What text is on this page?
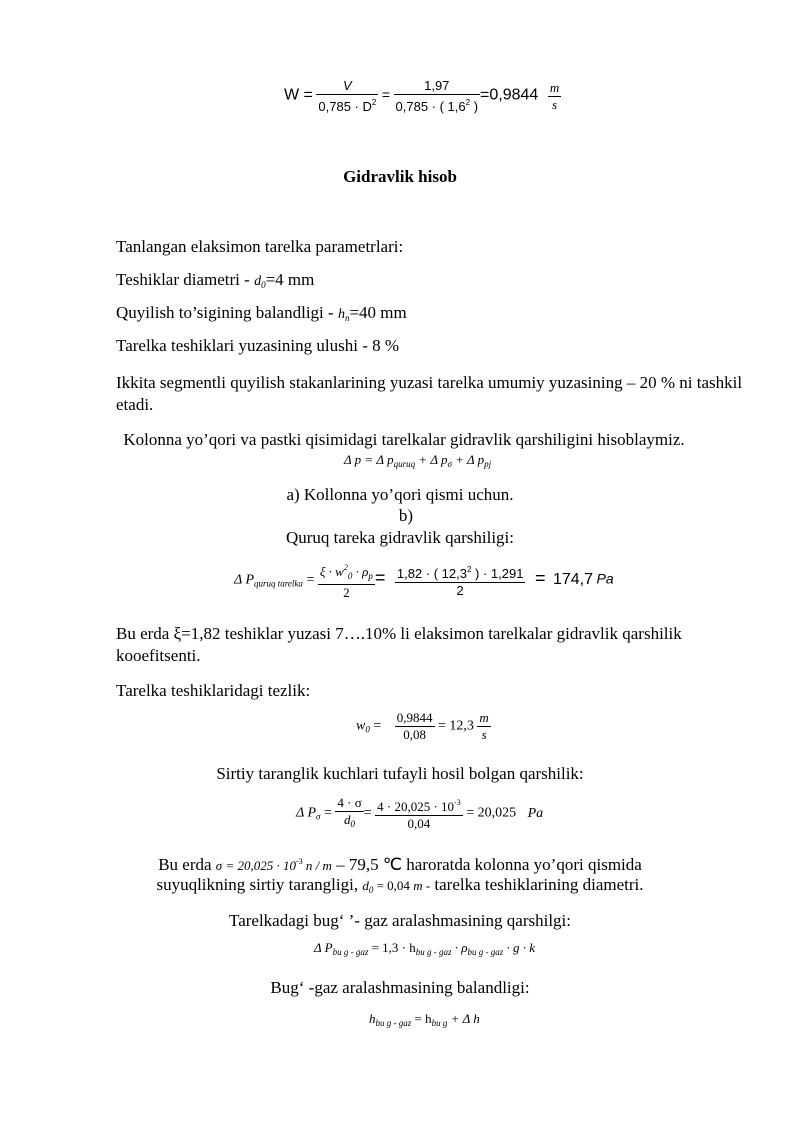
$W = \frac{V}{0,785 \cdot D^2} = \frac{1,97}{0,785 \cdot ( 1,6^2 )} =0,9844 \frac{m}{s}$
Gidravlik hisob
Tanlangan elaksimon tarelka parametrlari:
Teshiklar diametri - $d_0=4$ mm
Quyilish to’sigining balandligi - $h_n=40$ mm
Tarelka teshiklari yuzasining ulushi - 8 %
Ikkita segmentli quyilish stakanlarining yuzasi tarelka umumiy yuzasining – 20 % ni tashkil etadi.
Kolonna yo’qori va pastki qisimidagi tarelkalar gidravlik qarshiligini hisoblaymiz.
Δ p = Δ $p_{quruq} + \Delta$ $p_\sigma + \Delta$ $p_{pj}$
a) Kollonna yo’qori qismi uchun.
b)
Quruq tareka gidravlik qarshiligi:
Δ $P_{quruq tarelka} = \frac{\xi \cdot w^2_0 \cdot \rho_p}{2} = \frac{1,82 \cdot ( 12,3^2 ) \cdot 1,291}{2} = 174,7$ Pa
Bu erda ξ=1,82 teshiklar yuzasi 7….10% li elaksimon tarelkalar gidravlik qarshilik kooefitsenti.
Tarelka teshiklaridagi tezlik:
$w_0 = \frac{0,9844}{0,08} = 12,3 \frac{m}{s}$
Sirtiy taranglik kuchlari tufayli hosil bolgan qarshilik:
Δ $P_\sigma = \frac{4 \cdot \sigma}{d_0} = \frac{4 \cdot 20,025 \cdot 10^{-3}}{0,04} = 20,025$ Pa
Bu erda $\sigma = 20,025 \cdot 10^{-3}$ n / m – 79,5 ℃ haroratda kolonna yo’qori qismida
suyuqlikning sirtiy tarangligi, $d_0 = 0,04$ m - tarelka teshiklarining diametri.
Tarelkadagi bug‘ ’- gaz aralashmasining qarshilgi:
Δ $P_{bu g - gaz} = 1,3 \cdot h_{bu g - gaz} \cdot \rho_{bu g - gaz} \cdot g \cdot k$
Bug‘ -gaz aralashmasining balandligi:
$h_{bu g - gaz} = h_{bu g} + \Delta$ h
